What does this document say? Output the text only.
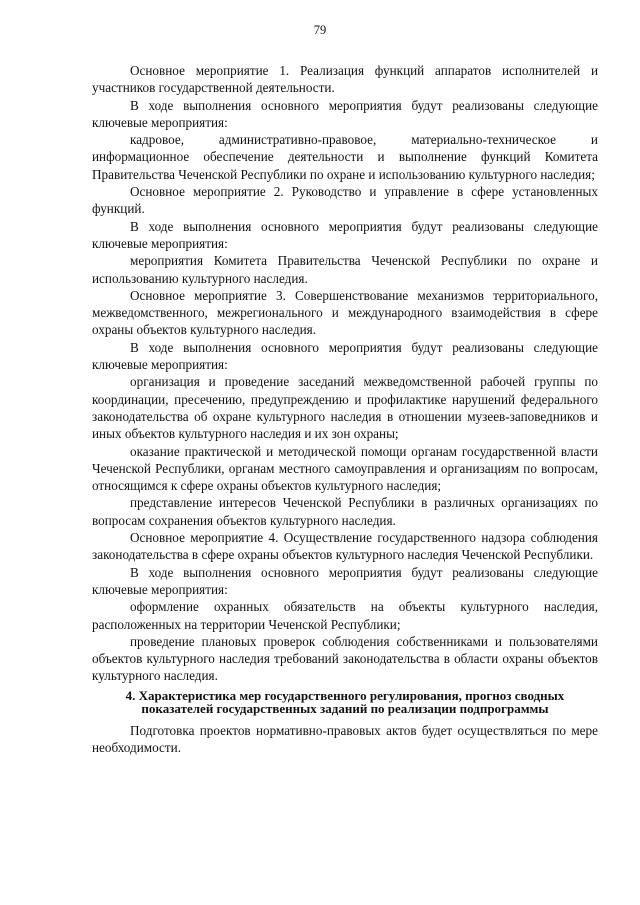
79

Основное мероприятие 1. Реализация функций аппаратов исполнителей и участников государственной деятельности.

В ходе выполнения основного мероприятия будут реализованы следующие ключевые мероприятия:

кадровое, административно-правовое, материально-техническое и информационное обеспечение деятельности и выполнение функций Комитета Правительства Чеченской Республики по охране и использованию культурного наследия;

Основное мероприятие 2. Руководство и управление в сфере установленных функций.

В ходе выполнения основного мероприятия будут реализованы следующие ключевые мероприятия:

мероприятия Комитета Правительства Чеченской Республики по охране и использованию культурного наследия.

Основное мероприятие 3. Совершенствование механизмов территориального, межведомственного, межрегионального и международного взаимодействия в сфере охраны объектов культурного наследия.

В ходе выполнения основного мероприятия будут реализованы следующие ключевые мероприятия:

организация и проведение заседаний межведомственной рабочей группы по координации, пресечению, предупреждению и профилактике нарушений федерального законодательства об охране культурного наследия в отношении музеев-заповедников и иных объектов культурного наследия и их зон охраны;

оказание практической и методической помощи органам государственной власти Чеченской Республики, органам местного самоуправления и организациям по вопросам, относящимся к сфере охраны объектов культурного наследия;

представление интересов Чеченской Республики в различных организациях по вопросам сохранения объектов культурного наследия.

Основное мероприятие 4. Осуществление государственного надзора соблюдения законодательства в сфере охраны объектов культурного наследия Чеченской Республики.

В ходе выполнения основного мероприятия будут реализованы следующие ключевые мероприятия:

оформление охранных обязательств на объекты культурного наследия, расположенных на территории Чеченской Республики;

проведение плановых проверок соблюдения собственниками и пользователями объектов культурного наследия требований законодательства в области охраны объектов культурного наследия.

4. Характеристика мер государственного регулирования, прогноз сводных показателей государственных заданий по реализации подпрограммы

Подготовка проектов нормативно-правовых актов будет осуществляться по мере необходимости.
